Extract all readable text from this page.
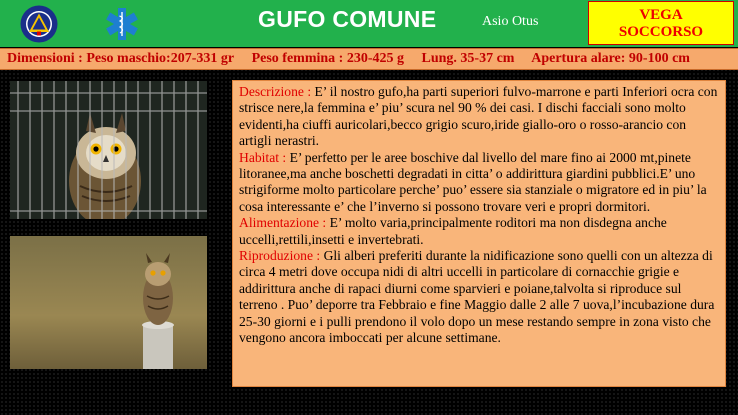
GUFO COMUNE	Asio Otus	VEGA
SOCCORSO
Dimensioni : Peso maschio:207-331 gr Peso femmina : 230-425 g Lung. 35-37 cm Apertura alare: 90-100 cm

Descrizione : E’ il nostro gufo,ha parti superiori fulvo-marrone e parti Inferiori ocra con strisce nere,la femmina e’ piu’ scura nel 90 % dei casi. I dischi facciali sono molto evidenti,ha ciuffi auricolari,becco grigio scuro,iride giallo-oro o rosso-arancio con artigli nerastri.

Habitat : E’ perfetto per le aree boschive dal livello del mare fino ai 2000 mt,pinete litoranee,ma anche boschetti degradati in citta’ o addirittura giardini pubblici.E’ uno strigiforme molto particolare perche’ puo’ essere sia stanziale o migratore ed in piu’ la cosa interessante e’ che l’inverno si possono trovare veri e propri dormitori.

Alimentazione : E’ molto varia,principalmente roditori ma non disdegna anche uccelli,rettili,insetti e invertebrati.

Riproduzione : Gli alberi preferiti durante la nidificazione sono quelli con un altezza di circa 4 metri dove occupa nidi di altri uccelli in particolare di cornacchie grigie e addirittura anche di rapaci diurni come sparvieri e poiane,talvolta si riproduce sul terreno . Puo’ deporre tra Febbraio e fine Maggio dalle 2 alle 7 uova,l’incubazione dura 25-30 giorni e i pulli prendono il volo dopo un mese restando sempre in zona visto che vengono ancora imboccati per alcune settimane.
